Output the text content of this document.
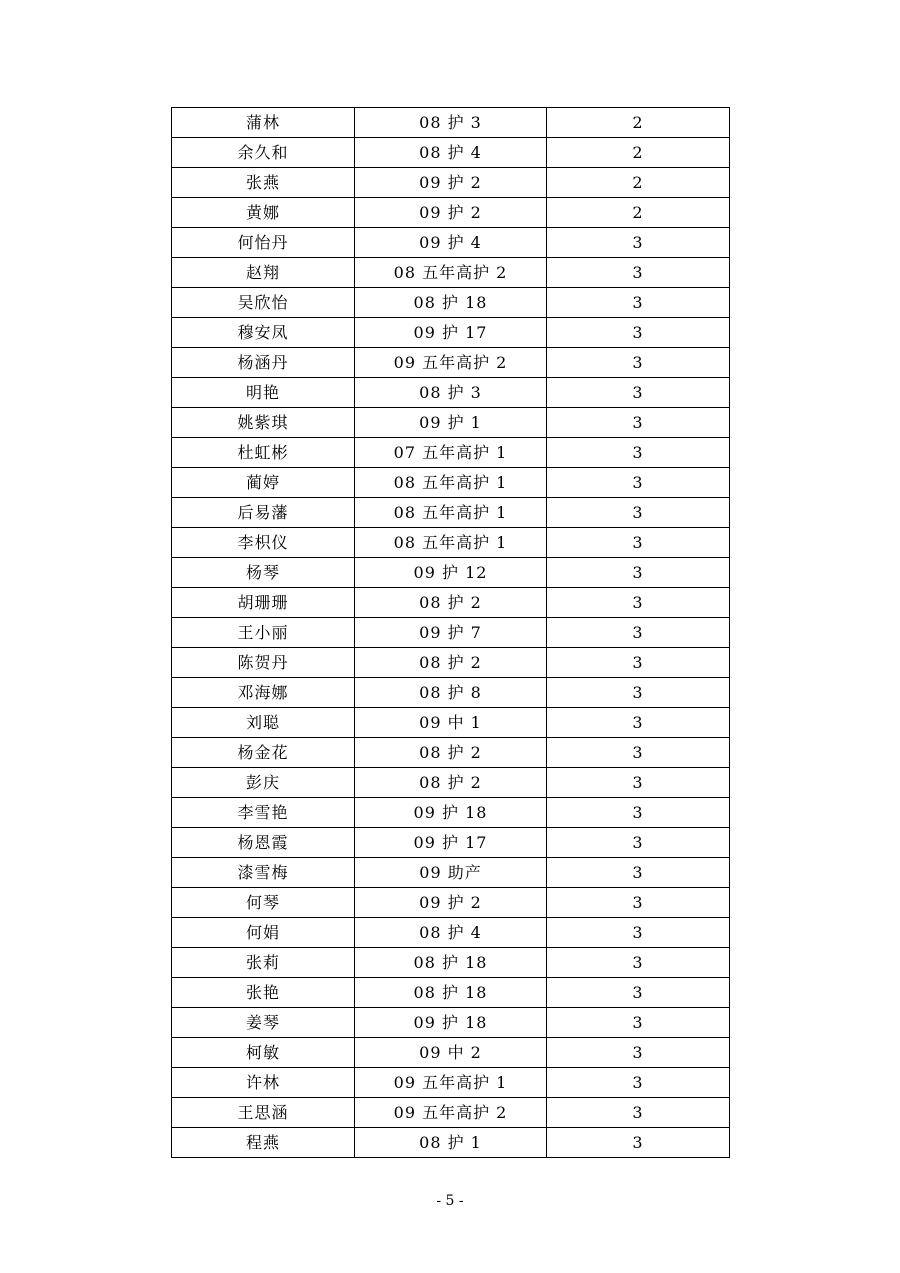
蒲林	08 护 3	2
余久和	08 护 4	2
张燕	09 护 2	2
黄娜	09 护 2	2
何怡丹	09 护 4	3
赵翔	08 五年高护 2	3
吴欣怡	08 护 18	3
穆安凤	09 护 17	3
杨涵丹	09 五年高护 2	3
明艳	08 护 3	3
姚紫琪	09 护 1	3
杜虹彬	07 五年高护 1	3
蔺婷	08 五年高护 1	3
后易藩	08 五年高护 1	3
李枳仪	08 五年高护 1	3
杨琴	09 护 12	3
胡珊珊	08 护 2	3
王小丽	09 护 7	3
陈贺丹	08 护 2	3
邓海娜	08 护 8	3
刘聪	09 中 1	3
杨金花	08 护 2	3
彭庆	08 护 2	3
李雪艳	09 护 18	3
杨恩霞	09 护 17	3
漆雪梅	09 助产	3
何琴	09 护 2	3
何娟	08 护 4	3
张莉	08 护 18	3
张艳	08 护 18	3
姜琴	09 护 18	3
柯敏	09 中 2	3
许林	09 五年高护 1	3
王思涵	09 五年高护 2	3
程燕	08 护 1	3
- 5 -
